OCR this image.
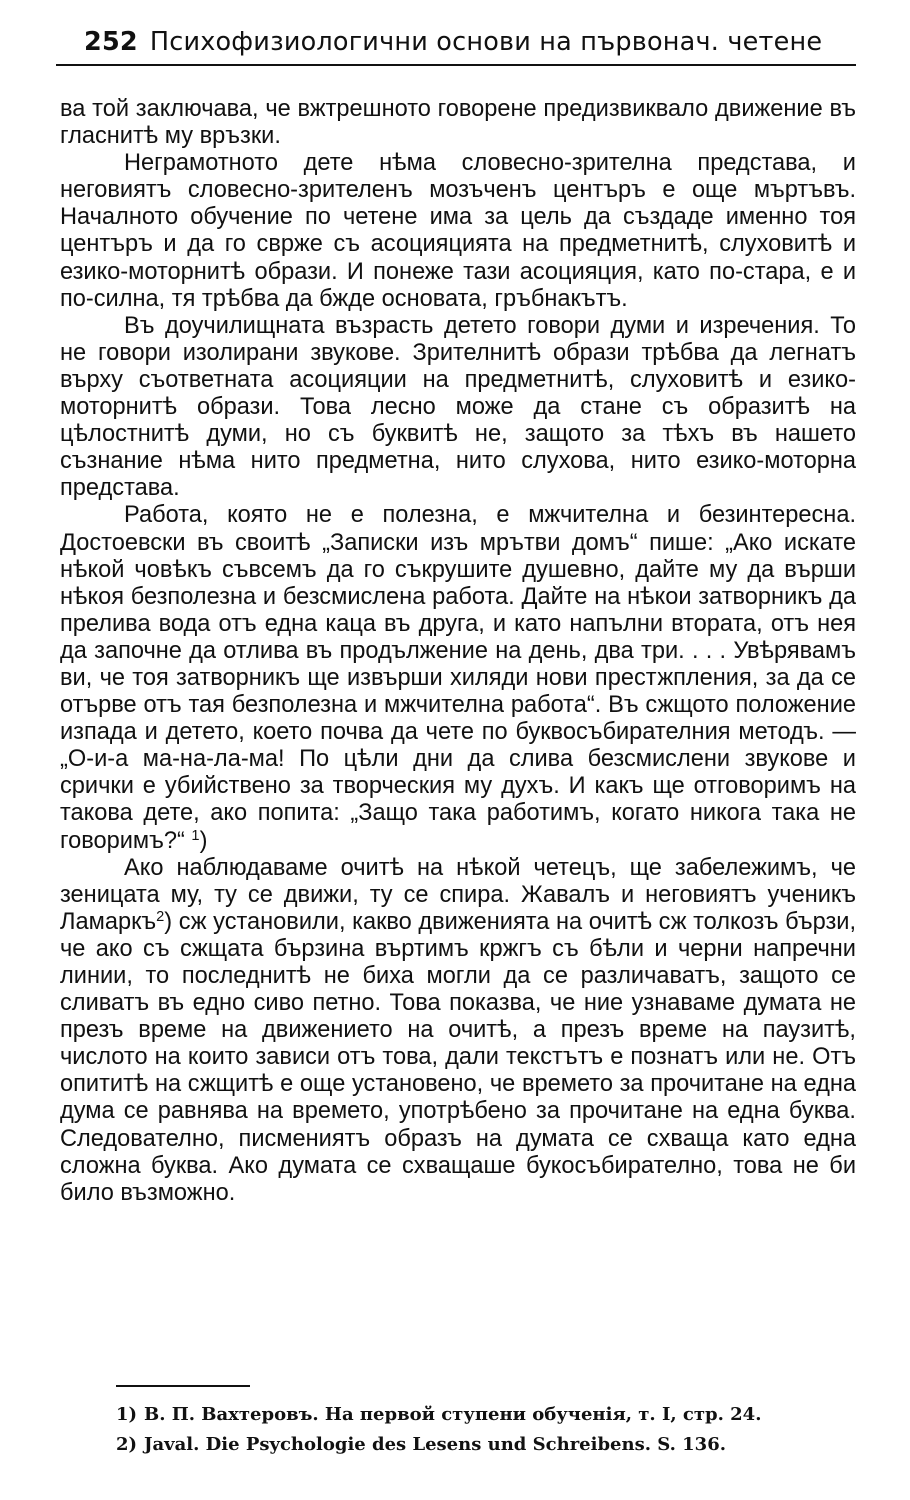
252 Психофизиологични основи на първонач. четене

ва той заключава, че вжтрешното говорене предизвиквало движение въ гласнитѣ му връзки.

Неграмотното дете нѣма словесно-зрителна представа, и неговиятъ словесно-зрителенъ мозъченъ центъръ е още мъртъвъ. Началното обучение по четене има за цель да създаде именно тоя центъръ и да го сврже съ асоцияцията на предметнитѣ, слуховитѣ и езико-моторнитѣ образи. И понеже тази асоцияция, като по-стара, е и по-силна, тя трѣбва да бжде основата, гръбнакътъ.

Въ доучилищната възрасть детето говори думи и изречения. То не говори изолирани звукове. Зрителнитѣ образи трѣбва да легнатъ върху съответната асоцияции на предметнитѣ, слуховитѣ и езико-моторнитѣ образи. Това лесно може да стане съ образитѣ на цѣлостнитѣ думи, но съ буквитѣ не, защото за тѣхъ въ нашето съзнание нѣма нито предметна, нито слухова, нито езико-моторна представа.

Работа, която не е полезна, е мжчителна и безинтересна. Достоевски въ своитѣ „Записки изъ мрътви домъ“ пише: „Ако искате нѣкой човѣкъ съвсемъ да го съкрушите душевно, дайте му да върши нѣкоя безполезна и безсмислена работа. Дайте на нѣкои затворникъ да прелива вода отъ една каца въ друга, и като напълни втората, отъ нея да започне да отлива въ продължение на день, два три. . . . Увѣрявамъ ви, че тоя затворникъ ще извърши хиляди нови престжпления, за да се отърве отъ тая безполезна и мжчителна работа“. Въ сжщото положение изпада и детето, което почва да чете по буквосъбирателния методъ. — „О-и-а ма-на-ла-ма! По цѣли дни да слива безсмислени звукове и срички е убийствено за творческия му духъ. И какъ ще отговоримъ на такова дете, ако попита: „Защо така работимъ, когато никога така не говоримъ?“ $^1$)

Ако наблюдаваме очитѣ на нѣкой четецъ, ще забележимъ, че зеницата му, ту се движи, ту се спира. Жавалъ и неговиятъ ученикъ Ламаркъ$^2$) сж установили, какво движенията на очитѣ сж толкозъ бързи, че ако съ сжщата бързина въртимъ кржгъ съ бѣли и черни напречни линии, то последнитѣ не биха могли да се различаватъ, защото се сливатъ въ едно сиво петно. Това показва, че ние узнаваме думата не презъ време на движението на очитѣ, а презъ време на паузитѣ, числото на които зависи отъ това, дали текстътъ е познатъ или не. Отъ опититѣ на сжщитѣ е още установено, че времето за прочитане на една дума се равнява на времето, употрѣбено за прочитане на една буква. Следователно, писмениятъ образъ на думата се схваща като една сложна буква. Ако думата се схващаше букосъбирателно, това не би било възможно.

1) В. П. Вахтеровъ. На первой ступени обученія, т. I, стр. 24.
2) Javal. Die Psychologie des Lesens und Schreibens. S. 136.
